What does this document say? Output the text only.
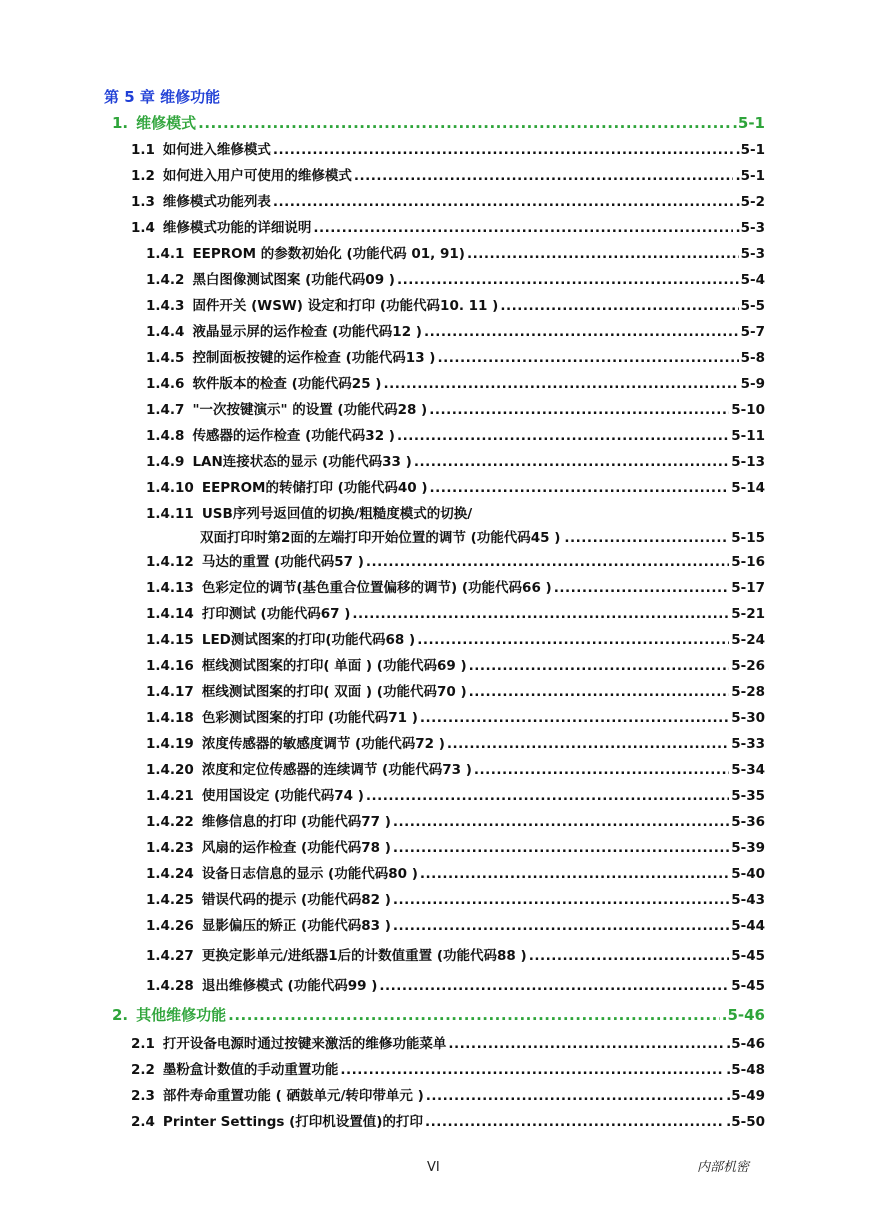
第 5 章 维修功能
1. 维修模式 .....	.5-1
1.1 如何进入维修模式 .....	.5-1
1.2 如何进入用户可使用的维修模式 .....	.5-1
1.3 维修模式功能列表 .....	.5-2
1.4 维修模式功能的详细说明 .....	.5-3
1.4.1 EEPROM 的参数初始化 (功能代码 01, 91) .....	5-3
1.4.2 黑白图像测试图案 (功能代码09 ) .....	5-4
1.4.3 固件开关 (WSW) 设定和打印 (功能代码10. 11 ) .....	5-5
1.4.4 液晶显示屏的运作检查 (功能代码12 ) .....	5-7
1.4.5 控制面板按键的运作检查 (功能代码13 ) .....	5-8
1.4.6 软件版本的检查 (功能代码25 ) .....	5-9
1.4.7 "一次按键演示" 的设置 (功能代码28 ) .....	5-10
1.4.8 传感器的运作检查 (功能代码32 ) .....	5-11
1.4.9 LAN连接状态的显示 (功能代码33 ) .....	5-13
1.4.10 EEPROM的转储打印 (功能代码40 ) .....	5-14
1.4.11 USB序列号返回值的切换/粗糙度模式的切换/
双面打印时第2面的左端打印开始位置的调节 (功能代码45 ) .....	5-15
1.4.12 马达的重置 (功能代码57 ) .....	5-16
1.4.13 色彩定位的调节(基色重合位置偏移的调节) (功能代码66 ) .....	5-17
1.4.14 打印测试 (功能代码67 ) .....	5-21
1.4.15 LED测试图案的打印(功能代码68 ) .....	5-24
1.4.16 框线测试图案的打印( 单面 ) (功能代码69 ) .....	5-26
1.4.17 框线测试图案的打印( 双面 ) (功能代码70 ) .....	5-28
1.4.18 色彩测试图案的打印 (功能代码71 ) .....	5-30
1.4.19 浓度传感器的敏感度调节 (功能代码72 ) .....	5-33
1.4.20 浓度和定位传感器的连续调节 (功能代码73 ) .....	5-34
1.4.21 使用国设定 (功能代码74 ) .....	5-35
1.4.22 维修信息的打印 (功能代码77 ) .....	5-36
1.4.23 风扇的运作检查 (功能代码78 ) .....	5-39
1.4.24 设备日志信息的显示 (功能代码80 ) .....	5-40
1.4.25 错误代码的提示 (功能代码82 ) .....	5-43
1.4.26 显影偏压的矫正 (功能代码83 ) .....	5-44
1.4.27 更换定影单元/进纸器1后的计数值重置 (功能代码88 ) .....	5-45
1.4.28 退出维修模式 (功能代码99 ) .....	5-45
2. 其他维修功能 .....	.5-46
2.1 打开设备电源时通过按键来激活的维修功能菜单 .....	.5-46
2.2 墨粉盒计数值的手动重置功能 .....	.5-48
2.3 部件寿命重置功能 ( 硒鼓单元/转印带单元 ) .....	.5-49
2.4 Printer Settings (打印机设置值)的打印 .....	.5-50
VI	内部机密
